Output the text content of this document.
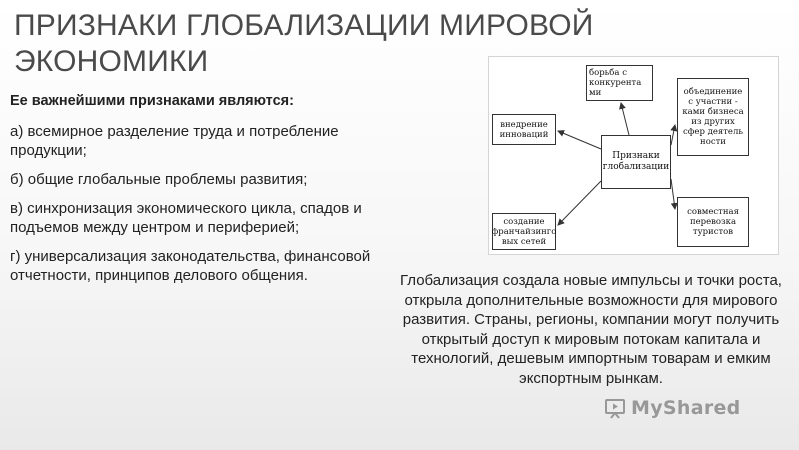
ПРИЗНАКИ ГЛОБАЛИЗАЦИИ МИРОВОЙ ЭКОНОМИКИ

Ее важнейшими признаками являются:

а) всемирное разделение труда и потребление продукции;

б) общие глобальные проблемы развития;

в) синхронизация экономического цикла, спадов и подъемов между центром и периферией;

г) универсализация законодательства, финансовой отчетности, принципов делового общения.

Признаки глобализации
борьба с конкурента ми	объединение с участни - ками бизнеса из других сфер деятель ности
внедрение инноваций
создание франчайзинго вых сетей
совместная перевозка туристов

Глобализация создала новые импульсы и точки роста, открыла дополнительные возможности для мирового развития. Страны, регионы, компании могут получить открытый доступ к мировым потокам капитала и технологий, дешевым импортным товарам и емким экспортным рынкам.

MyShared
